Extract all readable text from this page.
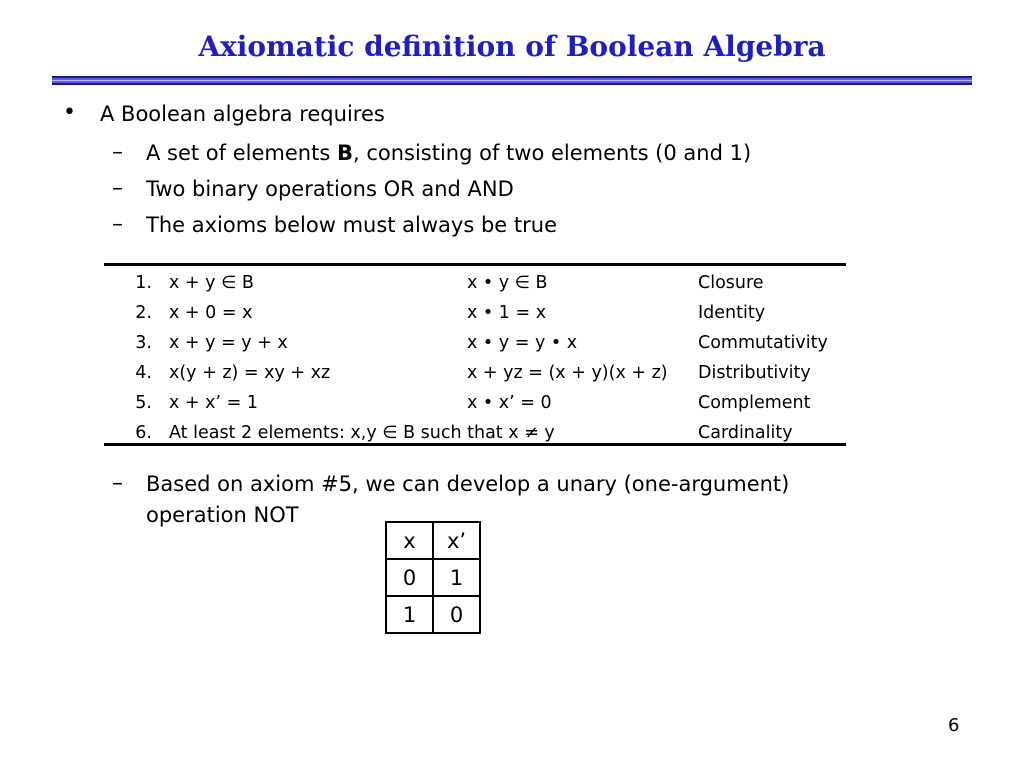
Axiomatic definition of Boolean Algebra
• A Boolean algebra requires
– A set of elements B, consisting of two elements (0 and 1)
– Two binary operations OR and AND
– The axioms below must always be true
1. x + y ∈ B	x • y ∈ B	Closure
2. x + 0 = x	x • 1 = x	Identity
3. x + y = y + x	x • y = y • x	Commutativity
4. x(y + z) = xy + xz	x + yz = (x + y)(x + z) Distributivity
5. x + x’ = 1	x • x’ = 0	Complement
6. At least 2 elements: x,y ∈ B such that x ≠ y	Cardinality
– Based on axiom #5, we can develop a unary (one-argument)
operation NOT
x	x’
0	1
1	0
6
